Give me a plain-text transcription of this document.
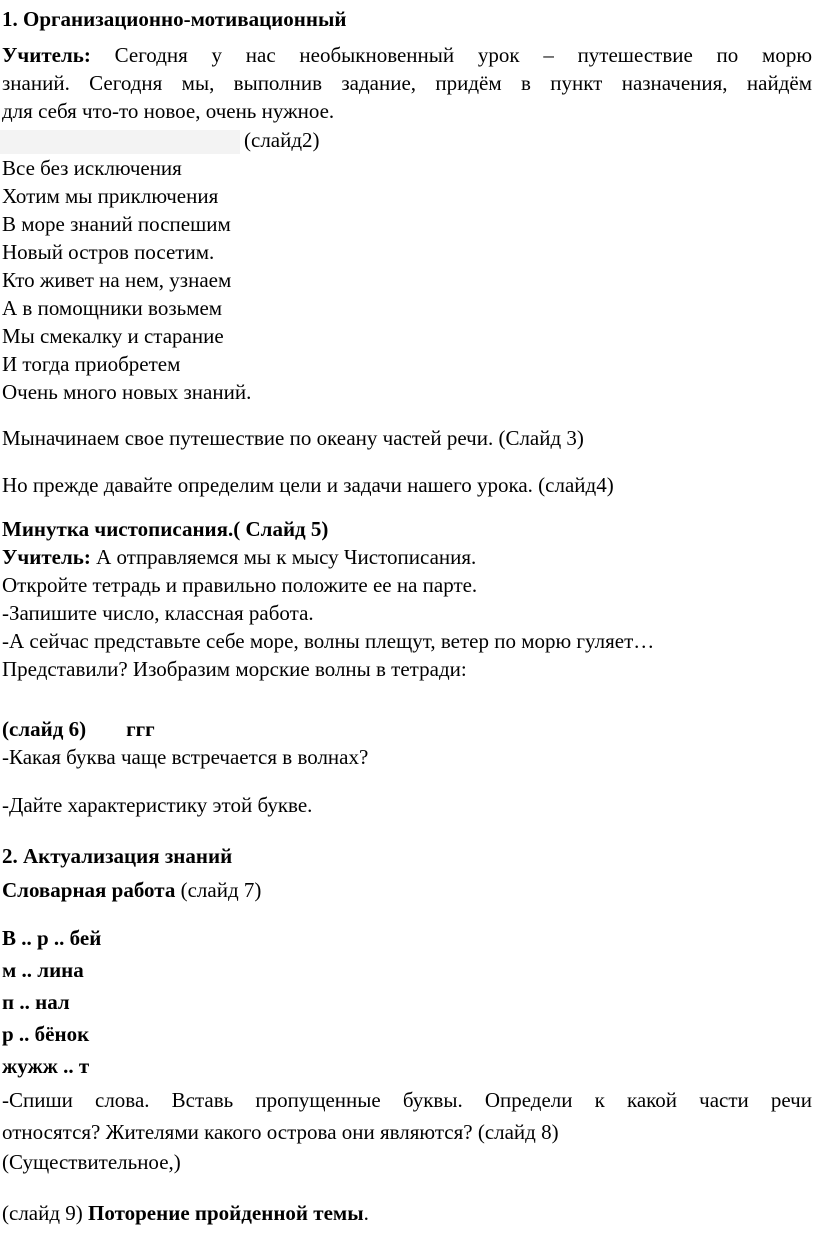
1. Организационно-мотивационный
Учитель: Сегодня у нас необыкновенный урок – путешествие по морю
знаний. Сегодня мы, выполнив задание, придём в пункт назначения, найдём
для себя что-то новое, очень нужное.
(слайд2)
Все без исключения
Хотим мы приключения
В море знаний поспешим
Новый остров посетим.
Кто живет на нем, узнаем
А в помощники возьмем
Мы смекалку и старание
И тогда приобретем
Очень много новых знаний.
Мыначинаем свое путешествие по океану частей речи. (Слайд 3)
Но прежде давайте определим цели и задачи нашего урока. (слайд4)
Минутка чистописания.( Слайд 5)
Учитель: А отправляемся мы к мысу Чистописания.
Откройте тетрадь и правильно положите ее на парте.
-Запишите число, классная работа.
-А сейчас представьте себе море, волны плещут, ветер по морю гуляет…
Представили? Изобразим морские волны в тетради:
(слайд 6) ггг
-Какая буква чаще встречается в волнах?
-Дайте характеристику этой букве.
2. Актуализация знаний
Словарная работа (слайд 7)
В .. р .. бей
м .. лина
п .. нал
р .. бёнок
жужж .. т
-Спиши слова. Вставь пропущенные буквы. Определи к какой части речи
относятся? Жителями какого острова они являются? (слайд 8)
(Существительное,)
(слайд 9) Поторение пройденной темы.
